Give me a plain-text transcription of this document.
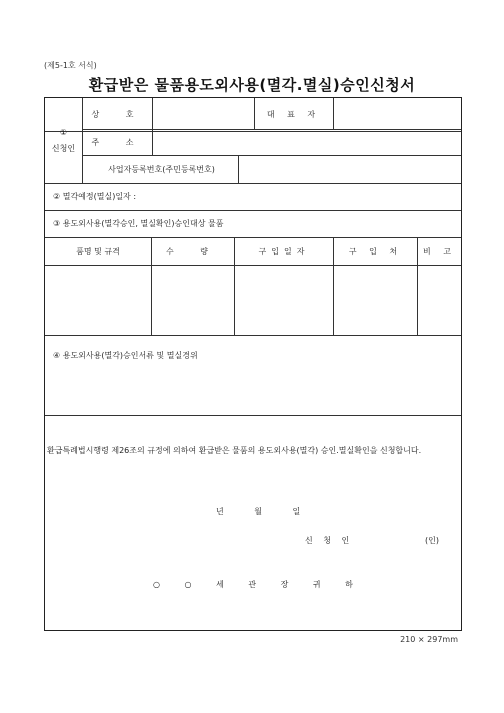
(제5-1호 서식)
환급받은 물품용도외사용(멸각.멸실)승인신청서
①
신청인
상 호	대 표 자
주 소
사업자등록번호(주민등록번호)
② 멸각예정(멸실)일자 :
③ 용도외사용(멸각승인, 멸실확인)승인대상 물품
품명 및 규격	수 량	구입일자	구 입 처	비 고
④ 용도외사용(멸각)승인서류 및 멸실경위
환급특례법시행령 제26조의 규정에 의하여 환급받은 물품의 용도외사용(멸각) 승인.멸실확인을 신청합니다.
년 월 일
신 청 인	(인)
○ ○ 세 관 장 귀 하
210 × 297mm
